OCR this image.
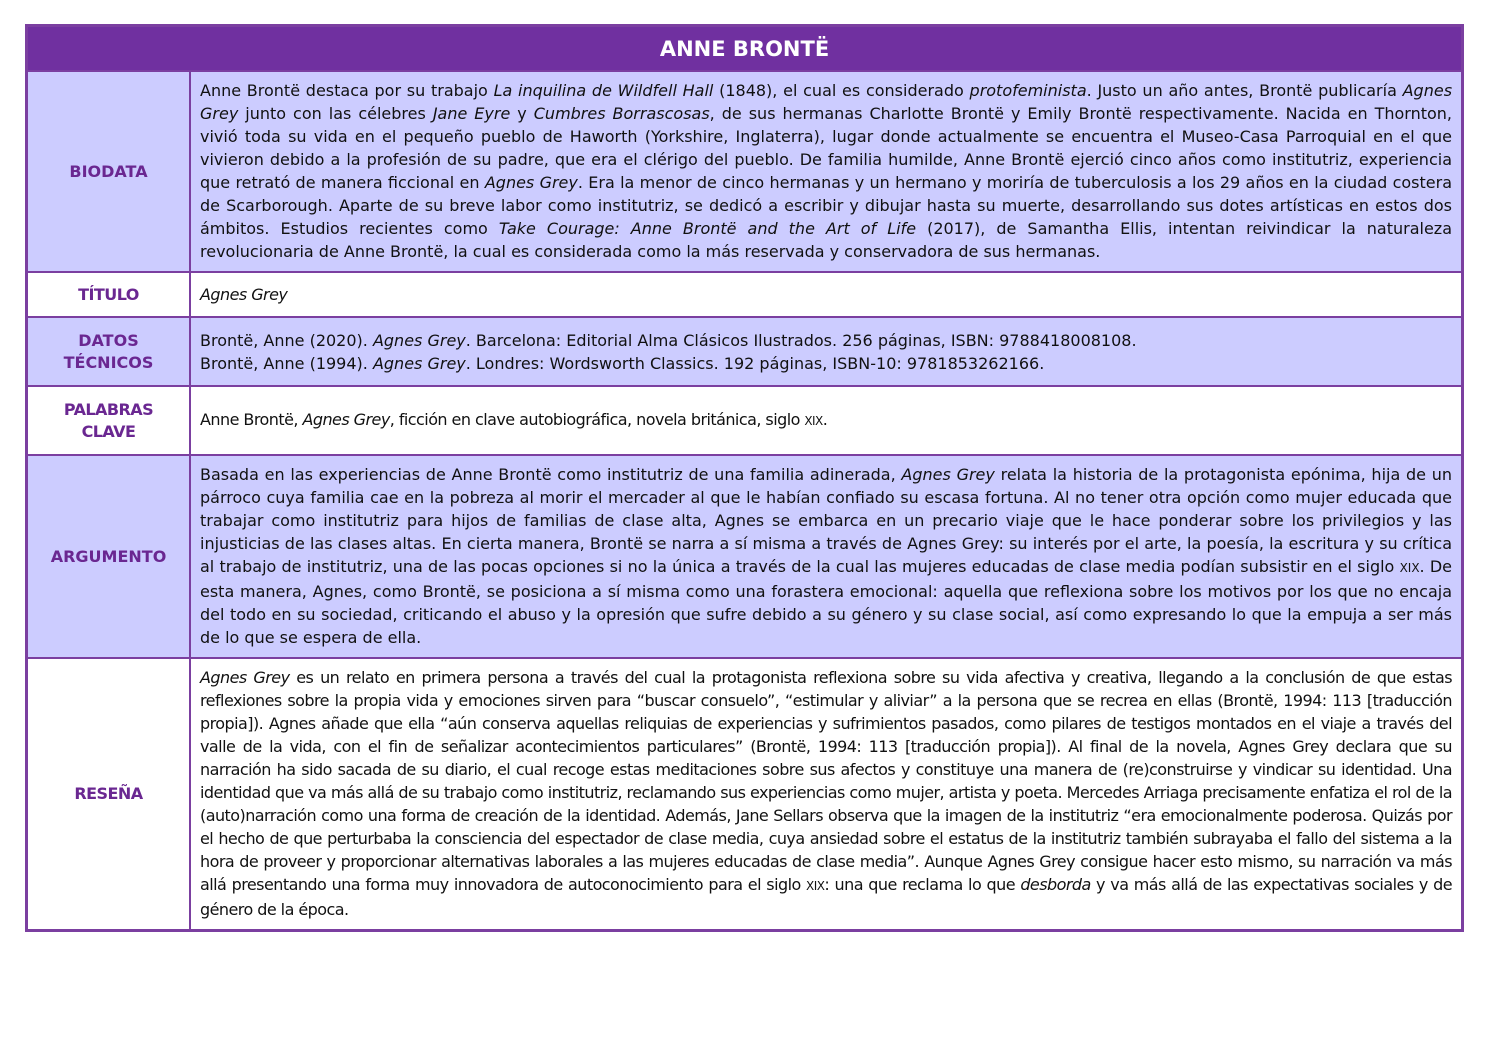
ANNE BRONTË
BIODATA
Anne Brontë destaca por su trabajo La inquilina de Wildfell Hall (1848), el cual es considerado protofeminista. Justo un año antes, Brontë publicaría Agnes Grey junto con las célebres Jane Eyre y Cumbres Borrascosas, de sus hermanas Charlotte Brontë y Emily Brontë respectivamente. Nacida en Thornton, vivió toda su vida en el pequeño pueblo de Haworth (Yorkshire, Inglaterra), lugar donde actualmente se encuentra el Museo-Casa Parroquial en el que vivieron debido a la profesión de su padre, que era el clérigo del pueblo. De familia humilde, Anne Brontë ejerció cinco años como institutriz, experiencia que retrató de manera ficcional en Agnes Grey. Era la menor de cinco hermanas y un hermano y moriría de tuberculosis a los 29 años en la ciudad costera de Scarborough. Aparte de su breve labor como institutriz, se dedicó a escribir y dibujar hasta su muerte, desarrollando sus dotes artísticas en estos dos ámbitos. Estudios recientes como Take Courage: Anne Brontë and the Art of Life (2017), de Samantha Ellis, intentan reivindicar la naturaleza revolucionaria de Anne Brontë, la cual es considerada como la más reservada y conservadora de sus hermanas.
TÍTULO	Agnes Grey
DATOS
TÉCNICOS
Brontë, Anne (2020). Agnes Grey. Barcelona: Editorial Alma Clásicos Ilustrados. 256 páginas, ISBN: 9788418008108.
Brontë, Anne (1994). Agnes Grey. Londres: Wordsworth Classics. 192 páginas, ISBN-10: 9781853262166.
PALABRAS
CLAVE
Anne Brontë, Agnes Grey, ficción en clave autobiográfica, novela británica, siglo XIX.
ARGUMENTO
Basada en las experiencias de Anne Brontë como institutriz de una familia adinerada, Agnes Grey relata la historia de la protagonista epónima, hija de un párroco cuya familia cae en la pobreza al morir el mercader al que le habían confiado su escasa fortuna. Al no tener otra opción como mujer educada que trabajar como institutriz para hijos de familias de clase alta, Agnes se embarca en un precario viaje que le hace ponderar sobre los privilegios y las injusticias de las clases altas. En cierta manera, Brontë se narra a sí misma a través de Agnes Grey: su interés por el arte, la poesía, la escritura y su crítica al trabajo de institutriz, una de las pocas opciones si no la única a través de la cual las mujeres educadas de clase media podían subsistir en el siglo XIX. De esta manera, Agnes, como Brontë, se posiciona a sí misma como una forastera emocional: aquella que reflexiona sobre los motivos por los que no encaja del todo en su sociedad, criticando el abuso y la opresión que sufre debido a su género y su clase social, así como expresando lo que la empuja a ser más de lo que se espera de ella.
RESEÑA
Agnes Grey es un relato en primera persona a través del cual la protagonista reflexiona sobre su vida afectiva y creativa, llegando a la conclusión de que estas reflexiones sobre la propia vida y emociones sirven para “buscar consuelo”, “estimular y aliviar” a la persona que se recrea en ellas (Brontë, 1994: 113 [traducción propia]). Agnes añade que ella “aún conserva aquellas reliquias de experiencias y sufrimientos pasados, como pilares de testigos montados en el viaje a través del valle de la vida, con el fin de señalizar acontecimientos particulares” (Brontë, 1994: 113 [traducción propia]). Al final de la novela, Agnes Grey declara que su narración ha sido sacada de su diario, el cual recoge estas meditaciones sobre sus afectos y constituye una manera de (re)construirse y vindicar su identidad. Una identidad que va más allá de su trabajo como institutriz, reclamando sus experiencias como mujer, artista y poeta. Mercedes Arriaga precisamente enfatiza el rol de la (auto)narración como una forma de creación de la identidad. Además, Jane Sellars observa que la imagen de la institutriz “era emocionalmente poderosa. Quizás por el hecho de que perturbaba la consciencia del espectador de clase media, cuya ansiedad sobre el estatus de la institutriz también subrayaba el fallo del sistema a la hora de proveer y proporcionar alternativas laborales a las mujeres educadas de clase media”. Aunque Agnes Grey consigue hacer esto mismo, su narración va más allá presentando una forma muy innovadora de autoconocimiento para el siglo XIX: una que reclama lo que desborda y va más allá de las expectativas sociales y de género de la época.
